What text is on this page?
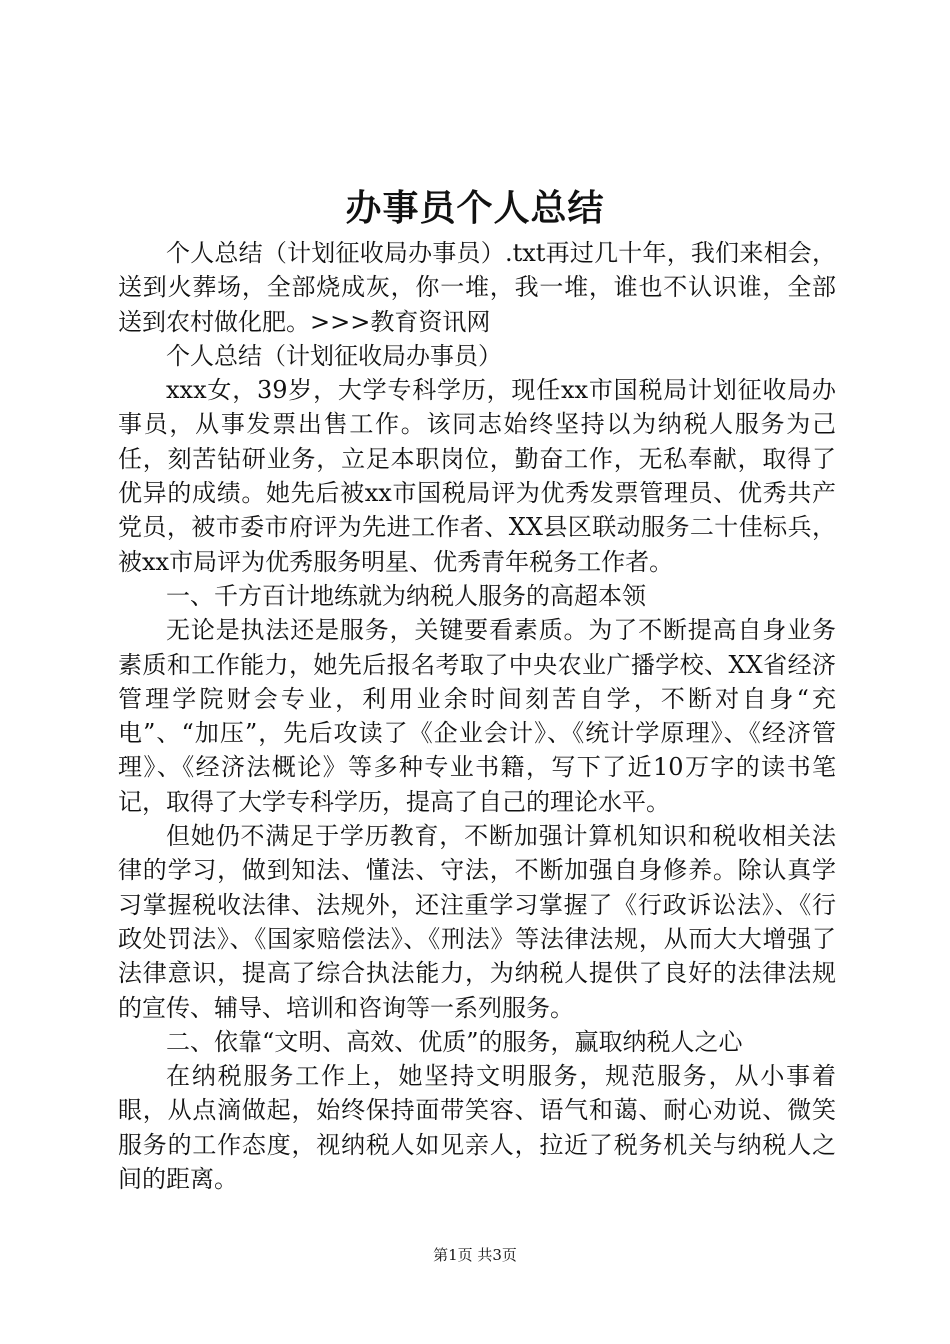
办事员个人总结

个人总结（计划征收局办事员）.txt再过几十年，我们来相会，送到火葬场，全部烧成灰，你一堆，我一堆，谁也不认识谁，全部送到农村做化肥。>>>教育资讯网

个人总结（计划征收局办事员）

xxx女，39岁，大学专科学历，现任xx市国税局计划征收局办事员，从事发票出售工作。该同志始终坚持以为纳税人服务为己任，刻苦钻研业务，立足本职岗位，勤奋工作，无私奉献，取得了优异的成绩。她先后被xx市国税局评为优秀发票管理员、优秀共产党员，被市委市府评为先进工作者、XX县区联动服务二十佳标兵，被xx市局评为优秀服务明星、优秀青年税务工作者。

一、千方百计地练就为纳税人服务的高超本领

无论是执法还是服务，关键要看素质。为了不断提高自身业务素质和工作能力，她先后报名考取了中央农业广播学校、XX省经济管理学院财会专业，利用业余时间刻苦自学，不断对自身“充电”、“加压”，先后攻读了《企业会计》、《统计学原理》、《经济管理》、《经济法概论》等多种专业书籍，写下了近10万字的读书笔记，取得了大学专科学历，提高了自己的理论水平。

但她仍不满足于学历教育，不断加强计算机知识和税收相关法律的学习，做到知法、懂法、守法，不断加强自身修养。除认真学习掌握税收法律、法规外，还注重学习掌握了《行政诉讼法》、《行政处罚法》、《国家赔偿法》、《刑法》等法律法规，从而大大增强了法律意识，提高了综合执法能力，为纳税人提供了良好的法律法规的宣传、辅导、培训和咨询等一系列服务。

二、依靠“文明、高效、优质”的服务，赢取纳税人之心

在纳税服务工作上，她坚持文明服务，规范服务，从小事着眼，从点滴做起，始终保持面带笑容、语气和蔼、耐心劝说、微笑服务的工作态度，视纳税人如见亲人，拉近了税务机关与纳税人之间的距离。

第1页 共3页
